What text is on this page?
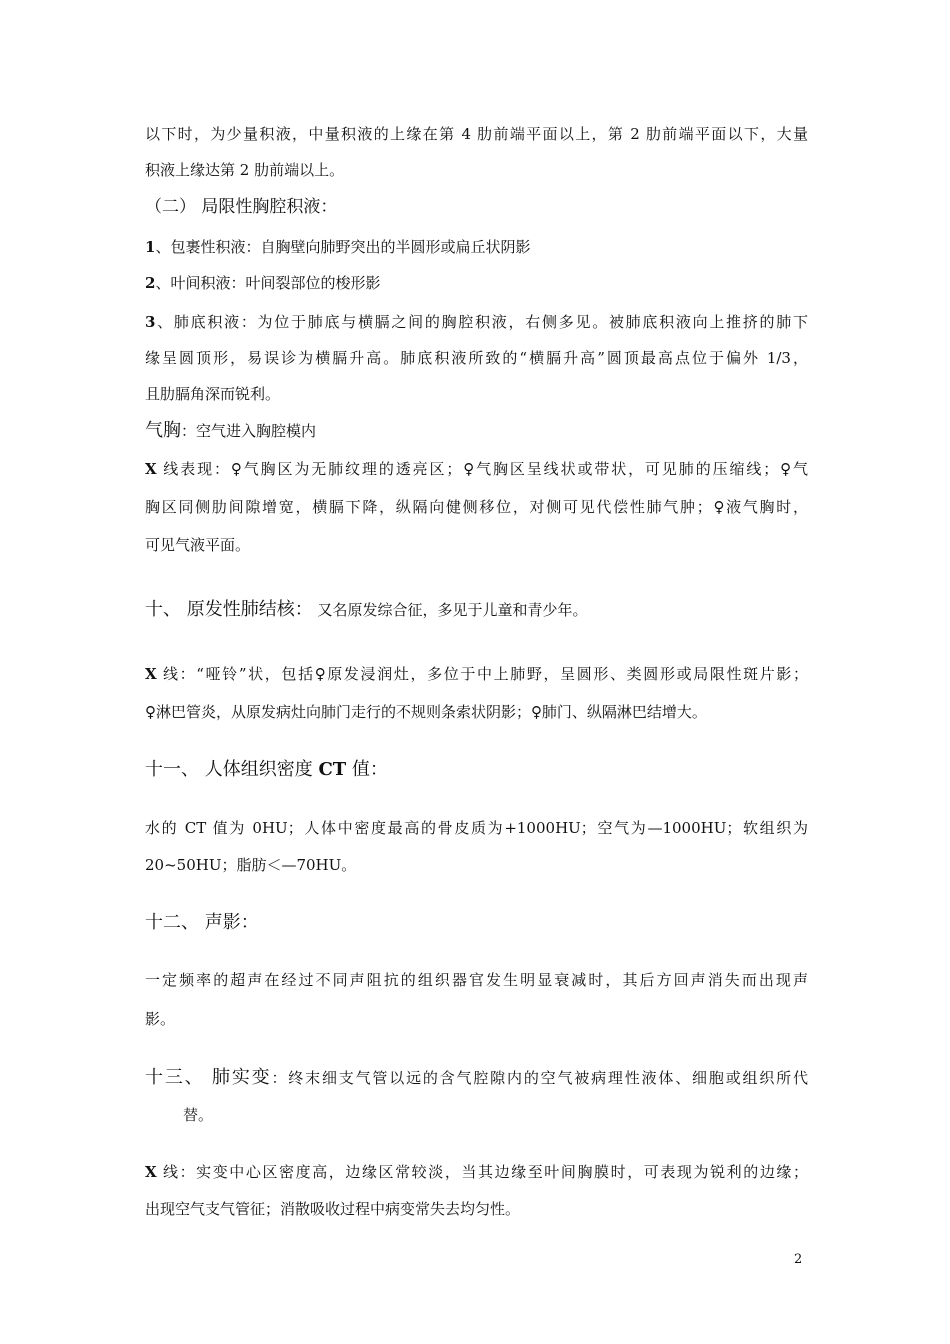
以下时，为少量积液，中量积液的上缘在第 4 肋前端平面以上，第 2 肋前端平面以下，大量
积液上缘达第 2 肋前端以上。
（二） 局限性胸腔积液：
1、包裹性积液：自胸壁向肺野突出的半圆形或扁丘状阴影
2、叶间积液：叶间裂部位的梭形影
3、肺底积液：为位于肺底与横膈之间的胸腔积液，右侧多见。被肺底积液向上推挤的肺下
缘呈圆顶形，易误诊为横膈升高。肺底积液所致的“横膈升高”圆顶最高点位于偏外 1/3，
且肋膈角深而锐利。
气胸：空气进入胸腔模内
X 线表现：♀气胸区为无肺纹理的透亮区；♀气胸区呈线状或带状，可见肺的压缩线；♀气
胸区同侧肋间隙增宽，横膈下降，纵隔向健侧移位，对侧可见代偿性肺气肿；♀液气胸时，
可见气液平面。
十、 原发性肺结核： 又名原发综合征，多见于儿童和青少年。
X 线：“哑铃”状，包括♀原发浸润灶，多位于中上肺野，呈圆形、类圆形或局限性斑片影；
♀淋巴管炎，从原发病灶向肺门走行的不规则条索状阴影；♀肺门、纵隔淋巴结增大。
十一、 人体组织密度 CT 值：
水的 CT 值为 0HU；人体中密度最高的骨皮质为+1000HU；空气为—1000HU；软组织为
20~50HU；脂肪＜—70HU。
十二、 声影：
一定频率的超声在经过不同声阻抗的组织器官发生明显衰减时，其后方回声消失而出现声
影。
十三、 肺实变：终末细支气管以远的含气腔隙内的空气被病理性液体、细胞或组织所代
替。
X 线：实变中心区密度高，边缘区常较淡，当其边缘至叶间胸膜时，可表现为锐利的边缘；
出现空气支气管征；消散吸收过程中病变常失去均匀性。
2
